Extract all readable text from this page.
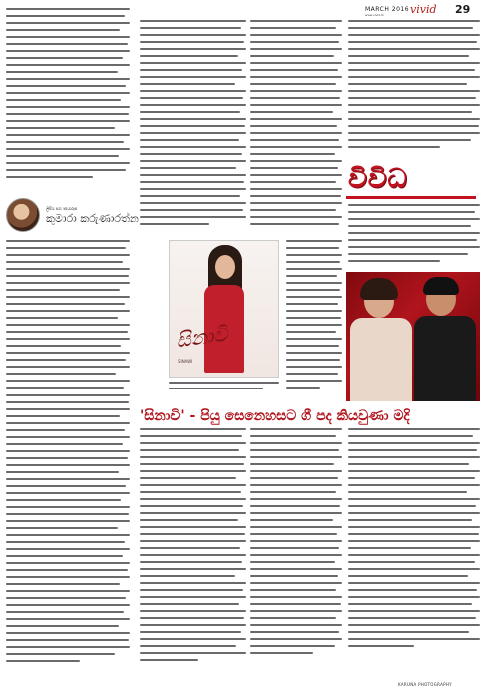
MARCH 2016
www.vivid.lk vivid 29
ලිපිය සහ ඡායාරූප
කුමාරා කරුණාරත්න
විවිධ
සිනාවි
SINAWI
'සිනාවි' - පියු සෙනෙහසට ගී පද කියවුණා මදි
KARUNA PHOTOGRAPHY
